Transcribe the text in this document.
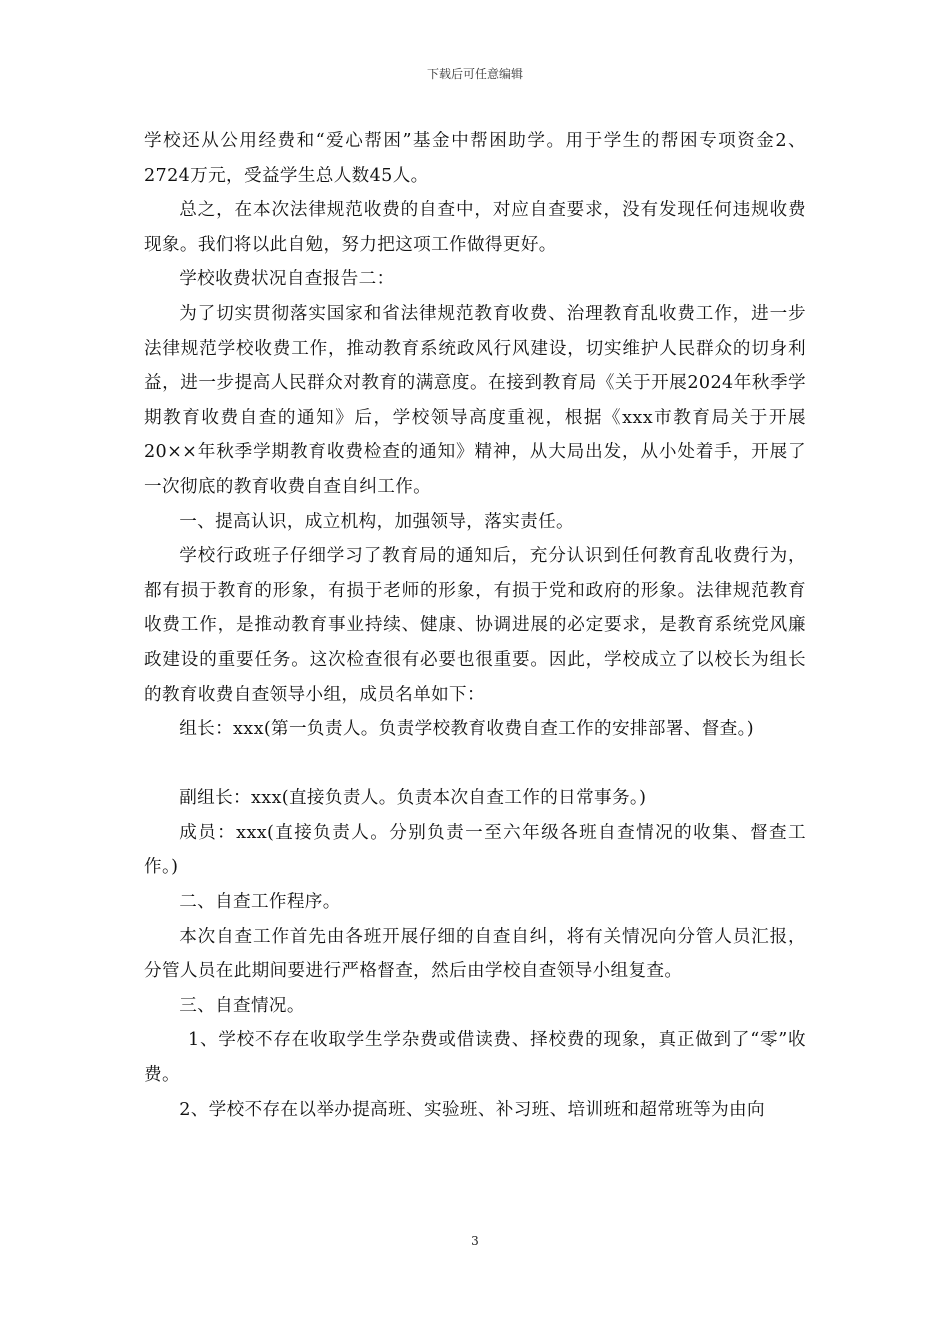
下载后可任意编辑

学校还从公用经费和“爱心帮困”基金中帮困助学。用于学生的帮困专项资金2、2724万元，受益学生总人数45人。

总之，在本次法律规范收费的自查中，对应自查要求，没有发现任何违规收费现象。我们将以此自勉，努力把这项工作做得更好。

学校收费状况自查报告二：

为了切实贯彻落实国家和省法律规范教育收费、治理教育乱收费工作，进一步法律规范学校收费工作，推动教育系统政风行风建设，切实维护人民群众的切身利益，进一步提高人民群众对教育的满意度。在接到教育局《关于开展2024年秋季学期教育收费自查的通知》后，学校领导高度重视，根据《xxx市教育局关于开展20××年秋季学期教育收费检查的通知》精神，从大局出发，从小处着手，开展了一次彻底的教育收费自查自纠工作。

一、提高认识，成立机构，加强领导，落实责任。

学校行政班子仔细学习了教育局的通知后，充分认识到任何教育乱收费行为，都有损于教育的形象，有损于老师的形象，有损于党和政府的形象。法律规范教育收费工作，是推动教育事业持续、健康、协调进展的必定要求，是教育系统党风廉政建设的重要任务。这次检查很有必要也很重要。因此，学校成立了以校长为组长的教育收费自查领导小组，成员名单如下：

组长：xxx(第一负责人。负责学校教育收费自查工作的安排部署、督查。)

副组长：xxx(直接负责人。负责本次自查工作的日常事务。)

成员：xxx(直接负责人。分别负责一至六年级各班自查情况的收集、督查工作。)

二、自查工作程序。

本次自查工作首先由各班开展仔细的自查自纠，将有关情况向分管人员汇报，分管人员在此期间要进行严格督查，然后由学校自查领导小组复查。

三、自查情况。

1、学校不存在收取学生学杂费或借读费、择校费的现象，真正做到了“零”收费。

2、学校不存在以举办提高班、实验班、补习班、培训班和超常班等为由向

3
